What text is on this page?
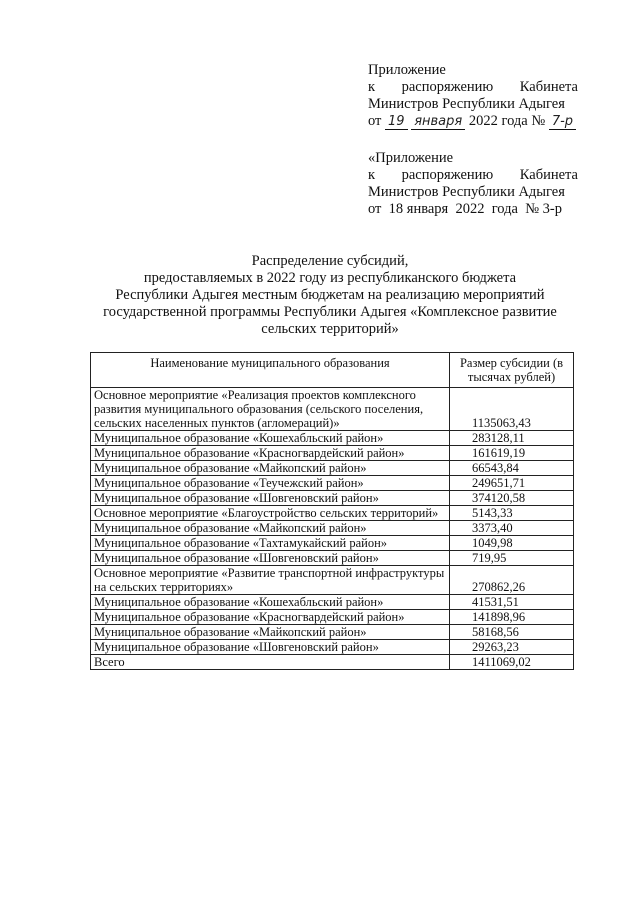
Приложение
к распоряжению Кабинета
Министров Республики Адыгея
от 19 января 2022 года № 7-р
«Приложение
к распоряжению Кабинета
Министров Республики Адыгея
от  18 января  2022  года  № 3-р
Распределение субсидий,
предоставляемых в 2022 году из республиканского бюджета
Республики Адыгея местным бюджетам на реализацию мероприятий
государственной программы Республики Адыгея «Комплексное развитие
сельских территорий»
Наименование муниципального образования	Размер субсидии (в тысячах рублей)
Основное мероприятие «Реализация проектов комплексного развития муниципального образования (сельского поселения, сельских населенных пунктов (агломераций)»	1135063,43
Муниципальное образование «Кошехабльский район»	283128,11
Муниципальное образование «Красногвардейский район»	161619,19
Муниципальное образование «Майкопский район»	66543,84
Муниципальное образование «Теучежский район»	249651,71
Муниципальное образование «Шовгеновский район»	374120,58
Основное мероприятие «Благоустройство сельских территорий»	5143,33
Муниципальное образование «Майкопский район»	3373,40
Муниципальное образование «Тахтамукайский район»	1049,98
Муниципальное образование «Шовгеновский район»	719,95
Основное мероприятие «Развитие транспортной инфраструктуры на сельских территориях»	270862,26
Муниципальное образование «Кошехабльский район»	41531,51
Муниципальное образование «Красногвардейский район»	141898,96
Муниципальное образование «Майкопский район»	58168,56
Муниципальное образование «Шовгеновский район»	29263,23
Всего	1411069,02
